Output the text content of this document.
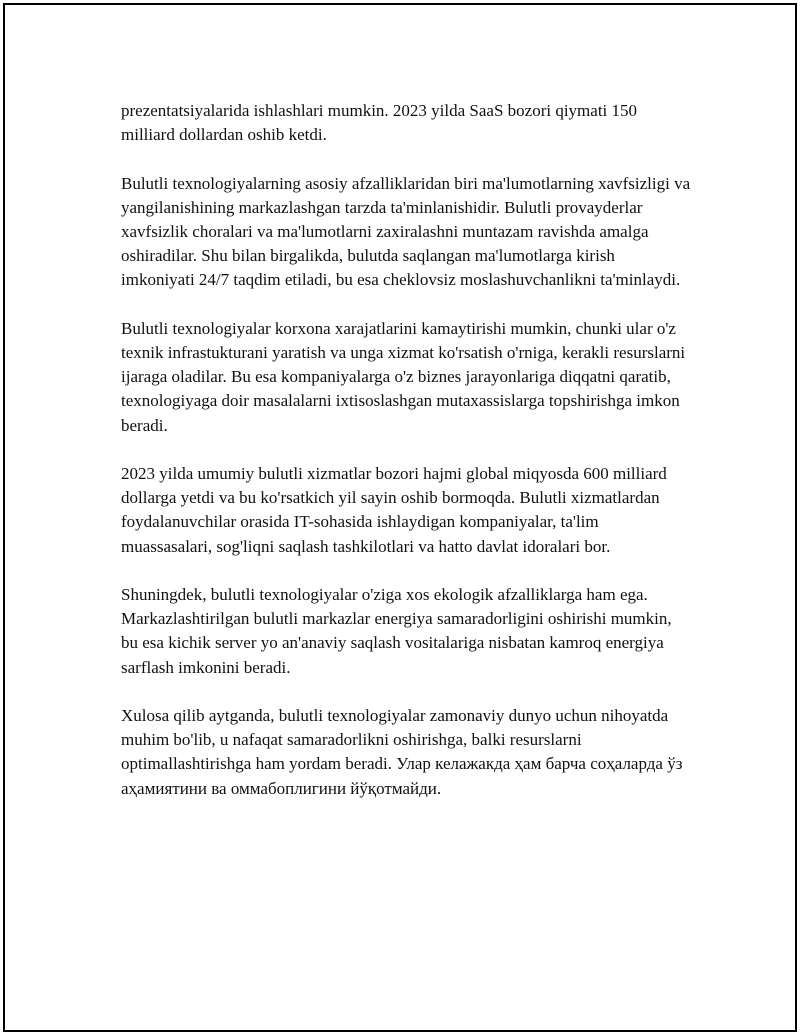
prezentatsiyalarida ishlashlari mumkin. 2023 yilda SaaS bozori qiymati 150 milliard dollardan oshib ketdi.

Bulutli texnologiyalarning asosiy afzalliklaridan biri ma'lumotlarning xavfsizligi va yangilanishining markazlashgan tarzda ta'minlanishidir. Bulutli provayderlar xavfsizlik choralari va ma'lumotlarni zaxiralashni muntazam ravishda amalga oshiradilar. Shu bilan birgalikda, bulutda saqlangan ma'lumotlarga kirish imkoniyati 24/7 taqdim etiladi, bu esa cheklovsiz moslashuvchanlikni ta'minlaydi.

Bulutli texnologiyalar korxona xarajatlarini kamaytirishi mumkin, chunki ular o'z texnik infrastukturani yaratish va unga xizmat ko'rsatish o'rniga, kerakli resurslarni ijaraga oladilar. Bu esa kompaniyalarga o'z biznes jarayonlariga diqqatni qaratib, texnologiyaga doir masalalarni ixtisoslashgan mutaxassislarga topshirishga imkon beradi.

2023 yilda umumiy bulutli xizmatlar bozori hajmi global miqyosda 600 milliard dollarga yetdi va bu ko'rsatkich yil sayin oshib bormoqda. Bulutli xizmatlardan foydalanuvchilar orasida IT-sohasida ishlaydigan kompaniyalar, ta'lim muassasalari, sog'liqni saqlash tashkilotlari va hatto davlat idoralari bor.

Shuningdek, bulutli texnologiyalar o'ziga xos ekologik afzalliklarga ham ega. Markazlashtirilgan bulutli markazlar energiya samaradorligini oshirishi mumkin, bu esa kichik server yo an'anaviy saqlash vositalariga nisbatan kamroq energiya sarflash imkonini beradi.

Xulosa qilib aytganda, bulutli texnologiyalar zamonaviy dunyo uchun nihoyatda muhim bo'lib, u nafaqat samaradorlikni oshirishga, balki resurslarni optimallashtirishga ham yordam beradi. Улар келажакда ҳам барча соҳаларда ўз аҳамиятини ва оммабоплигини йўқотмайди.
